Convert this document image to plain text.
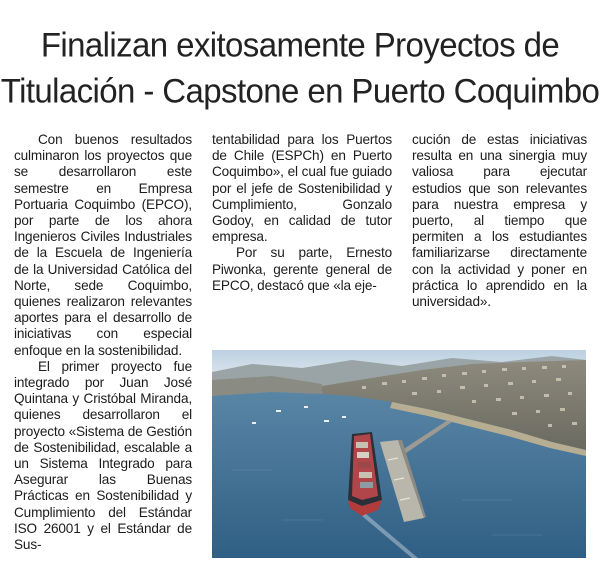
Finalizan exitosamente Proyectos de
Titulación - Capstone en Puerto Coquimbo

Con buenos resultados culminaron los proyectos que se desarrollaron este semestre en Empresa Portuaria Coquimbo (EPCO), por parte de los ahora Ingenieros Civiles Industriales de la Escuela de Ingeniería de la Universidad Católica del Norte, sede Coquimbo, quienes realizaron relevantes aportes para el desarrollo de iniciativas con especial enfoque en la sostenibilidad.

El primer proyecto fue integrado por Juan José Quintana y Cristóbal Miranda, quienes desarrollaron el proyecto «Sistema de Gestión de Sostenibilidad, escalable a un Sistema Integrado para Asegurar las Buenas Prácticas en Sostenibilidad y Cumplimiento del Estándar ISO 26001 y el Estándar de Sus-

tentabilidad para los Puertos de Chile (ESPCh) en Puerto Coquimbo», el cual fue guiado por el jefe de Sostenibilidad y Cumplimiento, Gonzalo Godoy, en calidad de tutor empresa.

Por su parte, Ernesto Piwonka, gerente general de EPCO, destacó que «la eje-

cución de estas iniciativas resulta en una sinergia muy valiosa para ejecutar estudios que son relevantes para nuestra empresa y puerto, al tiempo que permiten a los estudiantes familiarizarse directamente con la actividad y poner en práctica lo aprendido en la universidad».
